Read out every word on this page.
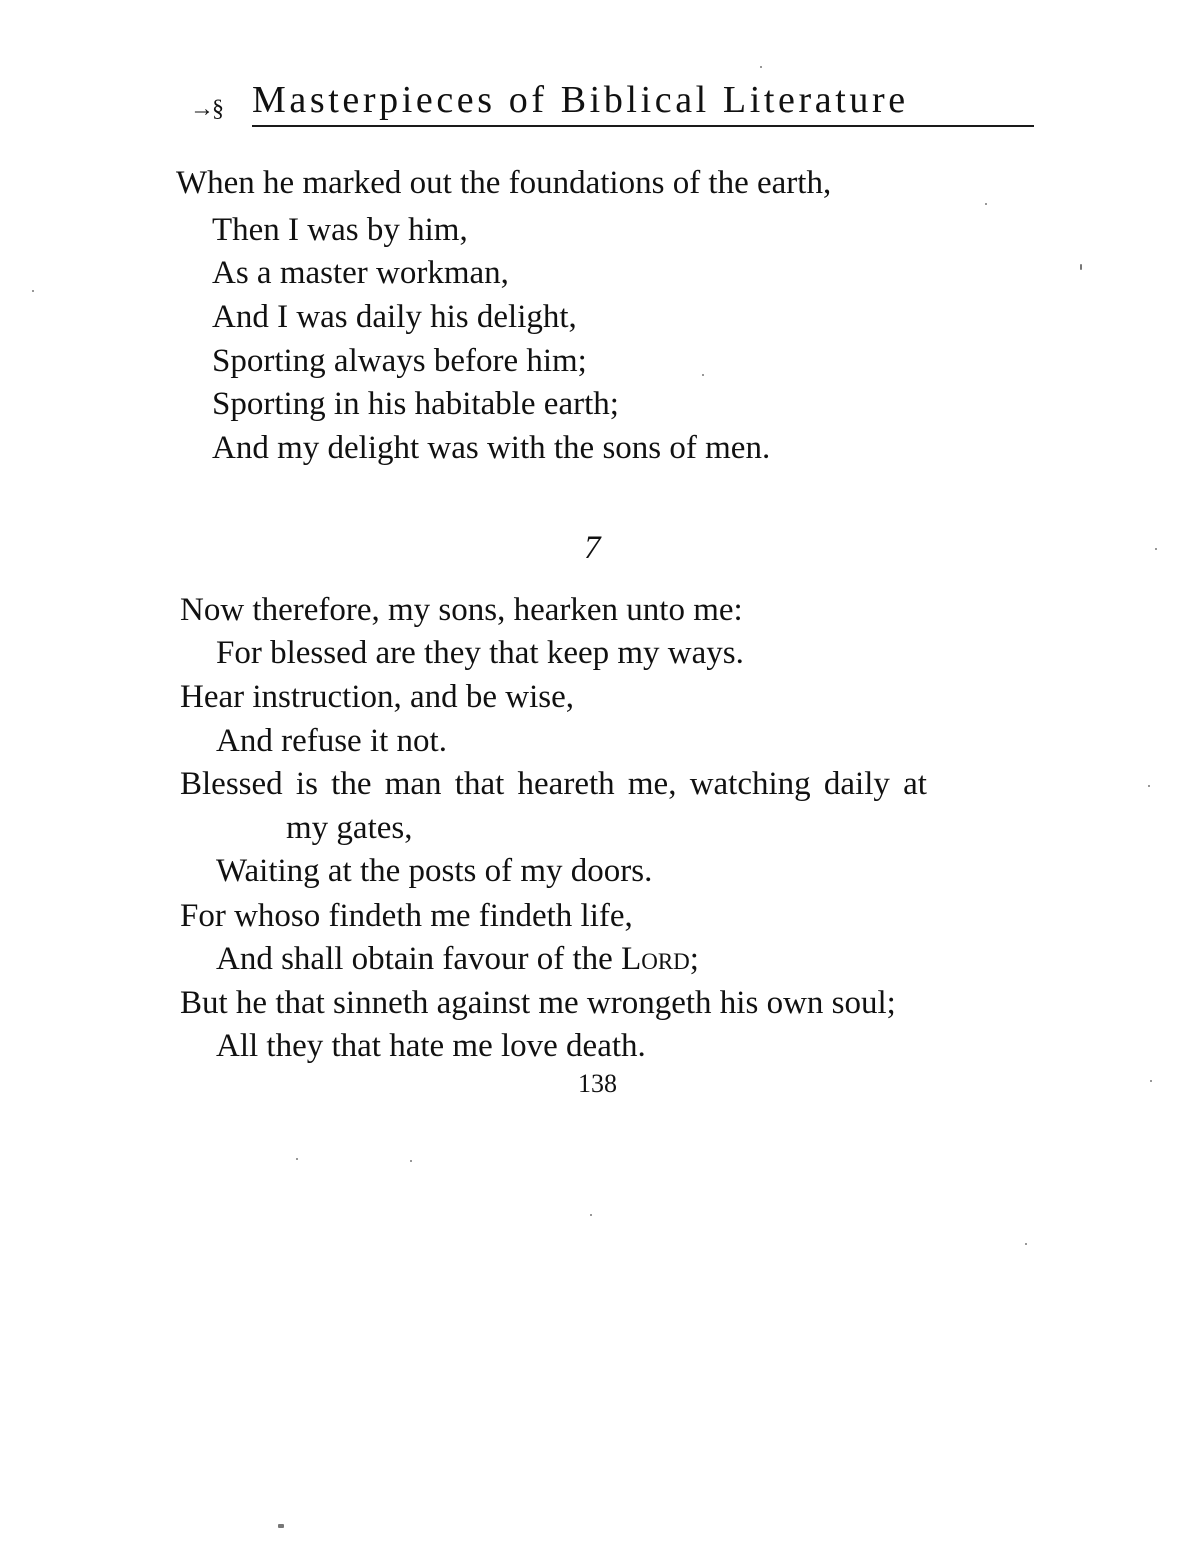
→§ Masterpieces of Biblical Literature
When he marked out the foundations of the earth,
Then I was by him,
As a master workman,
And I was daily his delight,
Sporting always before him;
Sporting in his habitable earth;
And my delight was with the sons of men.
7
Now therefore, my sons, hearken unto me:
For blessed are they that keep my ways.
Hear instruction, and be wise,
And refuse it not.
Blessed is the man that heareth me, watching daily at
my gates,
Waiting at the posts of my doors.
For whoso findeth me findeth life,
And shall obtain favour of the Lord;
But he that sinneth against me wrongeth his own soul;
All they that hate me love death.
138
